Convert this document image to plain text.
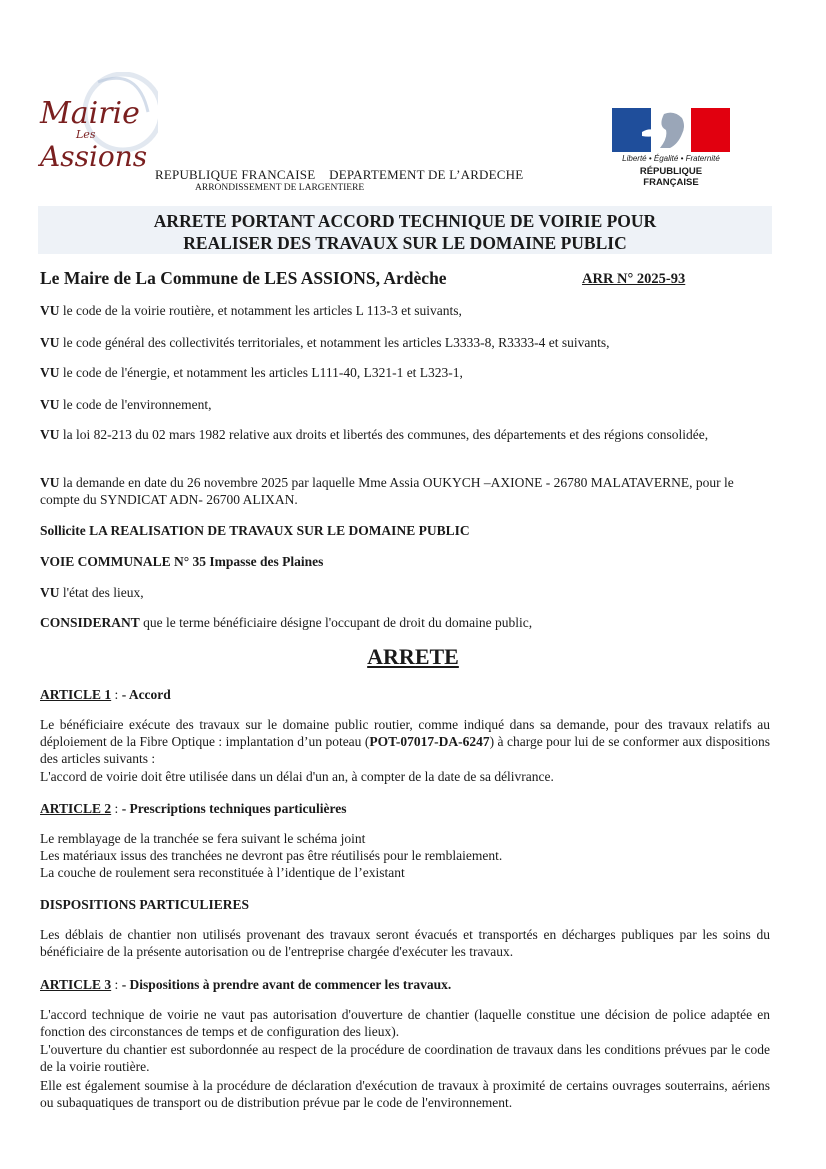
Mairie
Les
Assions	Liberté • Égalité • Fraternité
RÉPUBLIQUE FRANÇAISE
REPUBLIQUE FRANCAISE    DEPARTEMENT DE L’ARDECHE
ARRONDISSEMENT DE LARGENTIERE
ARRETE PORTANT ACCORD TECHNIQUE DE VOIRIE POUR
REALISER DES TRAVAUX SUR LE DOMAINE PUBLIC
Le Maire de La Commune de LES ASSIONS, Ardèche	ARR N° 2025-93
VU le code de la voirie routière, et notamment les articles L 113-3 et suivants,
VU le code général des collectivités territoriales, et notamment les articles L3333-8, R3333-4 et suivants,
VU le code de l'énergie, et notamment les articles L111-40, L321-1 et L323-1,
VU le code de l'environnement,
VU la loi 82-213 du 02 mars 1982 relative aux droits et libertés des communes, des départements et des régions consolidée,
VU la demande en date du 26 novembre 2025 par laquelle Mme Assia OUKYCH –AXIONE - 26780 MALATAVERNE, pour le compte du SYNDICAT ADN- 26700 ALIXAN.
Sollicite LA REALISATION DE TRAVAUX SUR LE DOMAINE PUBLIC
VOIE COMMUNALE N° 35 Impasse des Plaines
VU l'état des lieux,
CONSIDERANT que le terme bénéficiaire désigne l'occupant de droit du domaine public,
ARRETE
ARTICLE 1 : - Accord
Le bénéficiaire exécute des travaux sur le domaine public routier, comme indiqué dans sa demande, pour des travaux relatifs au déploiement de la Fibre Optique : implantation d’un poteau (POT-07017-DA-6247) à charge pour lui de se conformer aux dispositions des articles suivants :
L'accord de voirie doit être utilisée dans un délai d'un an, à compter de la date de sa délivrance.
ARTICLE 2 : - Prescriptions techniques particulières
Le remblayage de la tranchée se fera suivant le schéma joint
Les matériaux issus des tranchées ne devront pas être réutilisés pour le remblaiement.
La couche de roulement sera reconstituée à l’identique de l’existant
DISPOSITIONS PARTICULIERES
Les déblais de chantier non utilisés provenant des travaux seront évacués et transportés en décharges publiques par les soins du bénéficiaire de la présente autorisation ou de l'entreprise chargée d'exécuter les travaux.
ARTICLE 3 : - Dispositions à prendre avant de commencer les travaux.
L'accord technique de voirie ne vaut pas autorisation d'ouverture de chantier (laquelle constitue une décision de police adaptée en fonction des circonstances de temps et de configuration des lieux).
L'ouverture du chantier est subordonnée au respect de la procédure de coordination de travaux dans les conditions prévues par le code de la voirie routière.
Elle est également soumise à la procédure de déclaration d'exécution de travaux à proximité de certains ouvrages souterrains, aériens ou subaquatiques de transport ou de distribution prévue par le code de l'environnement.
